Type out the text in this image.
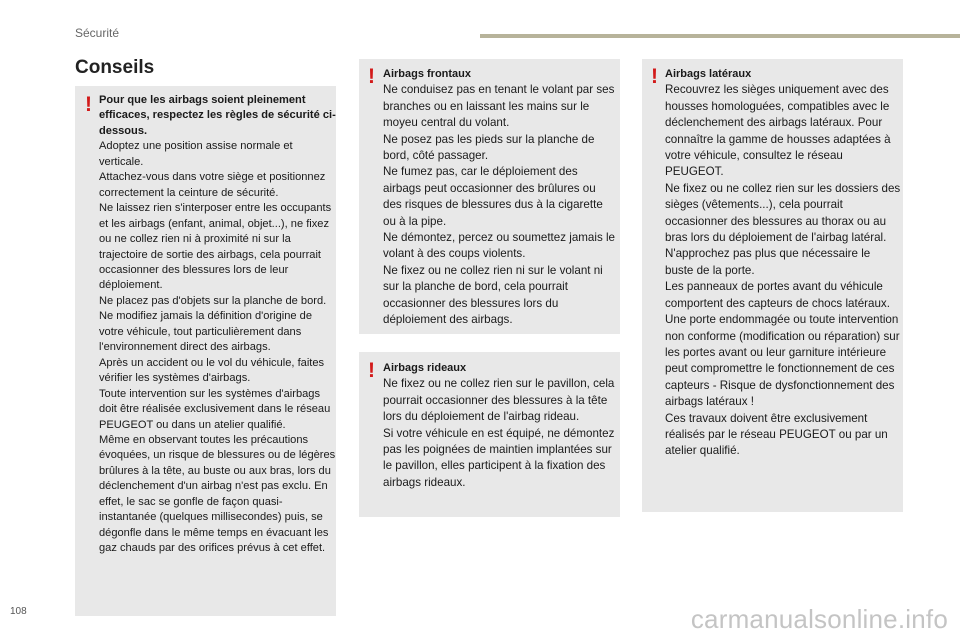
Sécurité
Conseils
! Pour que les airbags soient pleinement efficaces, respectez les règles de sécurité ci-dessous.
Adoptez une position assise normale et verticale.
Attachez-vous dans votre siège et positionnez correctement la ceinture de sécurité.
Ne laissez rien s'interposer entre les occupants et les airbags (enfant, animal, objet...), ne fixez ou ne collez rien ni à proximité ni sur la trajectoire de sortie des airbags, cela pourrait occasionner des blessures lors de leur déploiement.
Ne placez pas d'objets sur la planche de bord.
Ne modifiez jamais la définition d'origine de votre véhicule, tout particulièrement dans l'environnement direct des airbags.
Après un accident ou le vol du véhicule, faites vérifier les systèmes d'airbags.
Toute intervention sur les systèmes d'airbags doit être réalisée exclusivement dans le réseau PEUGEOT ou dans un atelier qualifié.
Même en observant toutes les précautions évoquées, un risque de blessures ou de légères brûlures à la tête, au buste ou aux bras, lors du déclenchement d'un airbag n'est pas exclu. En effet, le sac se gonfle de façon quasi-instantanée (quelques millisecondes) puis, se dégonfle dans le même temps en évacuant les gaz chauds par des orifices prévus à cet effet.
! Airbags frontaux
Ne conduisez pas en tenant le volant par ses branches ou en laissant les mains sur le moyeu central du volant.
Ne posez pas les pieds sur la planche de bord, côté passager.
Ne fumez pas, car le déploiement des airbags peut occasionner des brûlures ou des risques de blessures dus à la cigarette ou à la pipe.
Ne démontez, percez ou soumettez jamais le volant à des coups violents.
Ne fixez ou ne collez rien ni sur le volant ni sur la planche de bord, cela pourrait occasionner des blessures lors du déploiement des airbags.
! Airbags rideaux
Ne fixez ou ne collez rien sur le pavillon, cela pourrait occasionner des blessures à la tête lors du déploiement de l'airbag rideau.
Si votre véhicule en est équipé, ne démontez pas les poignées de maintien implantées sur le pavillon, elles participent à la fixation des airbags rideaux.
! Airbags latéraux
Recouvrez les sièges uniquement avec des housses homologuées, compatibles avec le déclenchement des airbags latéraux. Pour connaître la gamme de housses adaptées à votre véhicule, consultez le réseau PEUGEOT.
Ne fixez ou ne collez rien sur les dossiers des sièges (vêtements...), cela pourrait occasionner des blessures au thorax ou au bras lors du déploiement de l'airbag latéral.
N'approchez pas plus que nécessaire le buste de la porte.
Les panneaux de portes avant du véhicule comportent des capteurs de chocs latéraux.
Une porte endommagée ou toute intervention non conforme (modification ou réparation) sur les portes avant ou leur garniture intérieure peut compromettre le fonctionnement de ces capteurs - Risque de dysfonctionnement des airbags latéraux !
Ces travaux doivent être exclusivement réalisés par le réseau PEUGEOT ou par un atelier qualifié.
108	carmanualsonline.info
